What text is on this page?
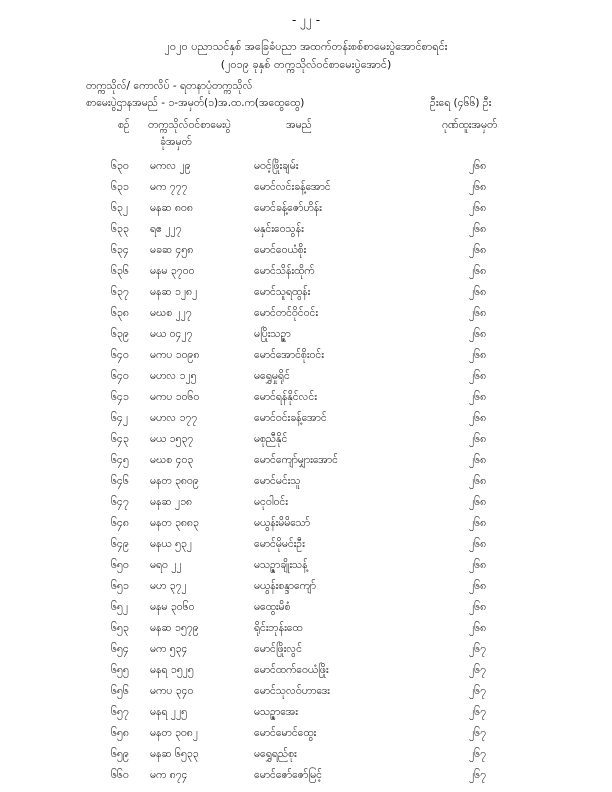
- ၂၂ -
၂၀၂၀ ပညာသင်နှစ် အခြေခံပညာ အထက်တန်းစစ်စာမေးပွဲအောင်စာရင်း
(၂၀၁၉ ခုနှစ် တက္ကသိုလ်ဝင်စာမေးပွဲအောင်)
တက္ကသိုလ်/ ကောလိပ် - ရတနာပုံတက္ကသိုလ်
စာမေးပွဲဌာနအမည် - ၁-အမှတ်(၁)အ.ထ.က(အထွေထွေ)	ဦးရေ (၄၆၆) ဦး
စဉ် တက္ကသိုလ်ဝင်စာမေးပွဲ
ခုံအမှတ်
အမည်	ဂုဏ်ထူးအမှတ်
၆၃၀ မကလ ၂၉	မဝင့်ဖြိုးချမ်း	၂၆၈
၆၃၁ မက ၇၇၇	မောင်လင်းခန့်အောင်	၂၆၈
၆၃၂ မနဆ ၈၀၈	မောင်ခန့်ဇော်ဟိန်း	၂၆၈
၆၃၃ ရဧ ၂၂၇	မနှင်းဝေသွန်း	၂၆၈
၆၃၄ မခဆ ၄၅၈	မောင်ဝေယံစိုး	၂၆၈
၆၃၆ မနမ ၃၇၀၀	မောင်သိန်းထိုက်	၂၆၈
၆၃၇ မနဆ ၁၂၈၂	မောင်သူရထွန်း	၂၆၈
၆၃၈ မဃစ ၂၂၇	မောင်တင်ဝိုင်ဝင်း	၂၆၈
၆၃၉ မယ ၀၄၂၇	မပြိုးသဥ္ဇာ	၂၆၈
၆၄၀ မကပ ၁၀၉၈	မောင်အောင်စိုးဝင်း	၂၆၈
၆၄၀ မဟလ ၁၂၅	မရွှေမှုရိုင်	၂၆၈
၆၄၁ မကပ ၁၀၆၀	မောင်ရန်နိုင်လင်း	၂၆၈
၆၄၂ မဟလ ၁၇၇	မောင်ဝင်းခန့်အောင်	၂၆၈
၆၄၃ မယ ၁၅၃၇	မစုညီနိုင်	၂၆၈
၆၄၅ မဃစ ၄၀၃	မောင်ကျော်မျှားအောင်	၂၆၈
၆၄၆ မနတ ၃၈၀၉	မောင်မင်းသူ	၂၆၈
၆၄၇ မနဆ ၂၁၈	မငုဝါဝင်း	၂၆၈
၆၄၈ မနတ ၃၈၈၃	မယွန်းမိမိသော်	၂၆၈
၆၄၉ မနယ ၅၃၂	မောင်မိုမင်းဦး	၂၆၈
၆၅၀ မရဝ ၂၂	မသဥ္ဇာချိုးသန့်	၂၆၈
၆၅၁ မဟ ၃၇၂	မယွန်းစန္ဒာကျော်	၂၆၈
၆၅၂ မနမ ၃၀၆၀	မထွေးမိစံ	၂၆၈
၆၅၃ မနဆ ၁၅၇၉	ရိုင်းဘုန်းထေ	၂၆၈
၆၅၄ မက ၅၃၄	မောင်ဖြိုးလွင်	၂၆၇
၆၅၅ မနရ ၁၅၂၅	မောင်ထက်ဝေယံဖြိုး	၂၆၇
၆၅၆ မကပ ၃၄၀	မောင်သုလဝ်ဟာဒေး	၂၆၇
၆၅၇ မနရ ၂၂၅	မသဉ္ဇာအေး	၂၆၇
၆၅၈ မနတ ၃၀၈၂	မောင်မောင်ထွေး	၂၆၇
၆၅၉ မနဆ ၆၅၃၃	မရွှေရည်စုး	၂၆၇
၆၆၀ မက ၈၇၄	မောင်ဇော်ဇော်မြင့်	၂၆၇
